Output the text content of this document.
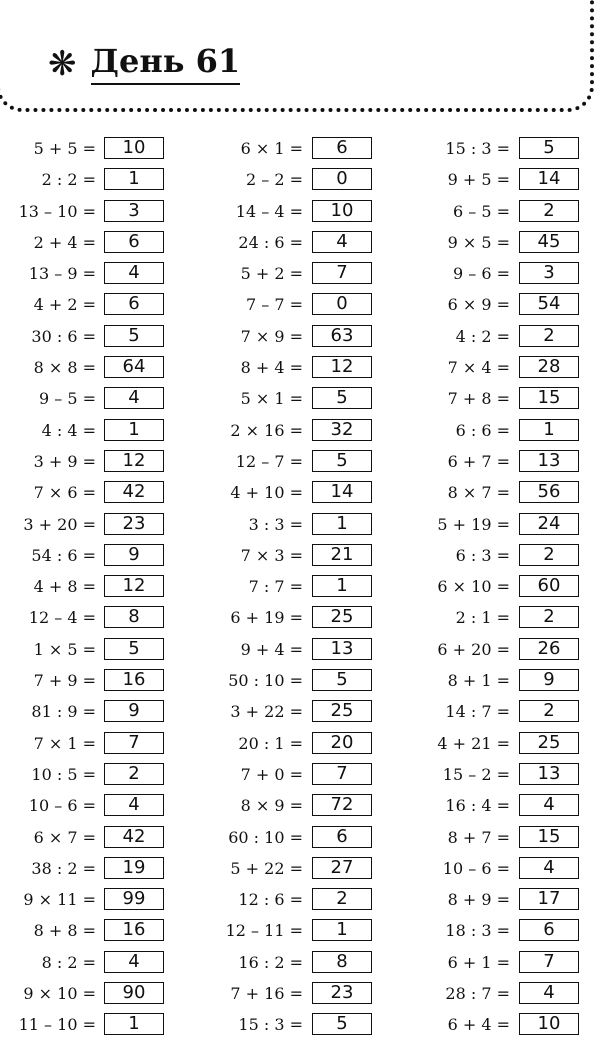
❋ День 61
5 + 5 =	10	6 × 1 =	6	15 : 3 =	5
2 : 2 =	1	2 – 2 =	0	9 + 5 =	14
13 – 10 =	3	14 – 4 =	10	6 – 5 =	2
2 + 4 =	6	24 : 6 =	4	9 × 5 =	45
13 – 9 =	4	5 + 2 =	7	9 – 6 =	3
4 + 2 =	6	7 – 7 =	0	6 × 9 =	54
30 : 6 =	5	7 × 9 =	63	4 : 2 =	2
8 × 8 =	64	8 + 4 =	12	7 × 4 =	28
9 – 5 =	4	5 × 1 =	5	7 + 8 =	15
4 : 4 =	1	2 × 16 =	32	6 : 6 =	1
3 + 9 =	12	12 – 7 =	5	6 + 7 =	13
7 × 6 =	42	4 + 10 =	14	8 × 7 =	56
3 + 20 =	23	3 : 3 =	1	5 + 19 =	24
54 : 6 =	9	7 × 3 =	21	6 : 3 =	2
4 + 8 =	12	7 : 7 =	1	6 × 10 =	60
12 – 4 =	8	6 + 19 =	25	2 : 1 =	2
1 × 5 =	5	9 + 4 =	13	6 + 20 =	26
7 + 9 =	16	50 : 10 =	5	8 + 1 =	9
81 : 9 =	9	3 + 22 =	25	14 : 7 =	2
7 × 1 =	7	20 : 1 =	20	4 + 21 =	25
10 : 5 =	2	7 + 0 =	7	15 – 2 =	13
10 – 6 =	4	8 × 9 =	72	16 : 4 =	4
6 × 7 =	42	60 : 10 =	6	8 + 7 =	15
38 : 2 =	19	5 + 22 =	27	10 – 6 =	4
9 × 11 =	99	12 : 6 =	2	8 + 9 =	17
8 + 8 =	16	12 – 11 =	1	18 : 3 =	6
8 : 2 =	4	16 : 2 =	8	6 + 1 =	7
9 × 10 =	90	7 + 16 =	23	28 : 7 =	4
11 – 10 =	1	15 : 3 =	5	6 + 4 =	10
